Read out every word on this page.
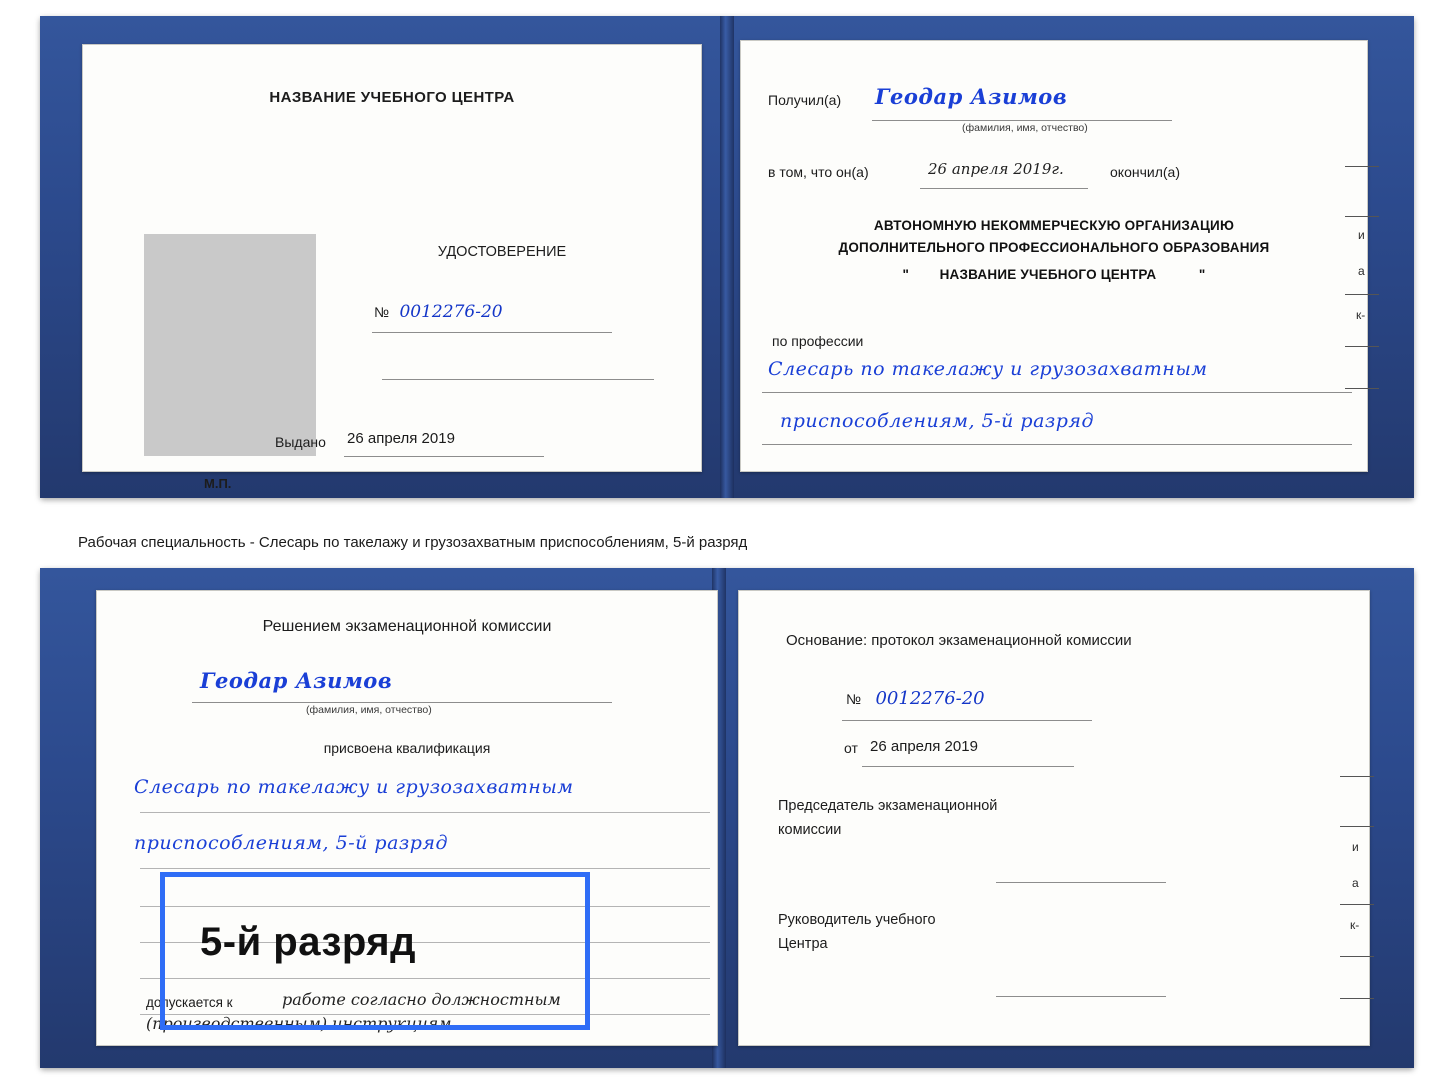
НАЗВАНИЕ УЧЕБНОГО ЦЕНТРА
УДОСТОВЕРЕНИЕ
№ 0012276-20
Выдано 26 апреля 2019
М.П.
Получил(а) Геодар Азимов
(фамилия, имя, отчество)
в том, что он(а)	26 апреля 2019г.	окончил(а)
АВТОНОМНУЮ НЕКОММЕРЧЕСКУЮ ОРГАНИЗАЦИЮ
ДОПОЛНИТЕЛЬНОГО ПРОФЕССИОНАЛЬНОГО ОБРАЗОВАНИЯ
" НАЗВАНИЕ УЧЕБНОГО ЦЕНТРА	"
по профессии
Слесарь по такелажу и грузозахватным
приспособлениям, 5-й разряд
и
а
к-
Рабочая специальность - Слесарь по такелажу и грузозахватным приспособлениям, 5-й разряд
Решением экзаменационной комиссии
Геодар Азимов
(фамилия, имя, отчество)
присвоена квалификация
Слесарь по такелажу и грузозахватным
приспособлениям, 5-й разряд
допускается к	работе согласно должностным
(производственным) инструкциям
Основание: протокол экзаменационной комиссии
№ 0012276-20
от 26 апреля 2019
Председатель экзаменационной
комиссии
Руководитель учебного
Центра
и
а
к-
5-й разряд
